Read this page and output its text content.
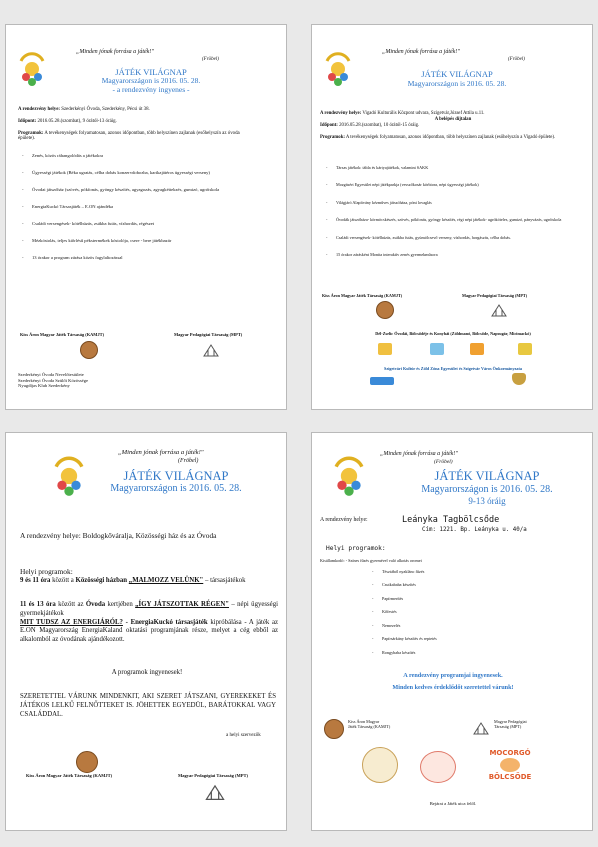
„Minden jónak forrása a játék!"
(Fröbel)
JÁTÉK VILÁGNAP
Magyarországon is 2016. 05. 28.
- a rendezvény ingyenes -
A rendezvény helye: Szederkényi Óvoda, Szederkény, Pécsi út 38.
Időpont: 2016.05.28.(szombat), 9 órától-13 óráig.
Programok: A tevékenységek folyamatosan, azonos időpontban, több helyszínen zajlanak (esőhelyszín az óvoda épülete).
- Zenés, közös ráhangolódás a játékokra
- Ügyességi játékok (Béka ugratás, célba dobás konzervdobozba, karikajátéros ügyességi verseny)
- Óvodai játszóház (szövés, pókfonás, gyöngy készítés, agyagozás, agyagkéttekzés, gumizó, ugróiskola
- EnergiaKuckó Társasjáték – E.ON ajándéka
- Családi versengések- kötélhúzás, zsákba futás, vízhordás, régészet
- Mézkóstolás, teljes kiőrlésű pékstermékek kóstolója, csere - bere játékbazár
- 13 órakor a program zárása közös fagylaltozással
Kiss Áron Magyar Játék Társaság (KAMJT)	Magyar Pedagógiai Társaság (MPT)
Szederkényi Óvoda Nevelőtestülete
Szederkényi Óvoda Szülői Közössége
Nyugdíjas Klub Szederkény
„Minden jónak forrása a játék!"
(Fröbel)
JÁTÉK VILÁGNAP
Magyarországon is 2016. 05. 28.
A rendezvény helye: Vigadó Kulturális Központ udvara, Szigetvár,József Attila u.11.
A belépés díjtalan
Időpont: 2016.05.28.(szombat), 10 órától-15 óráig.
Programok: A tevékenységek folyamatosan, azonos időpontban, több helyszínen zajlanak (esőhelyszín a Vigadó épülete).
- Társas játékok: tábla és kártyajátékok, valamint SAKK
- Mozgásért Egyesület népi játékparkja (vesszőkosár körbiora, népi ügyességi játékok)
- Világjáró Alapítvány kézműves játszóháza, póni lovaglás
- Óvodák játszóháza- körmöcskészés, szövés, pókfonás, gyöngy készítés, régi népi játékok- ugróköteles, gumizó, pányvázás, ugróiskola
- Családi versengések- kötélhúzás, zsákba futás, gyümölcsevő verseny, vízhordás, horgászás, célba dobás.
- 15 órakor zárásként Monita interaktív zenés gyermekműsora
Kiss Áron Magyar Játék Társaság (KAMJT)	Magyar Pedagógiai Társaság (MPT)
Dél-Zselic Óvodái, Bölcsődéje és Konyhái (Zöldmanó, Bölcsőde, Napsugár, Micimackó)
Szigetvári Kultúr és Zöld Zóna Egyesület és Szigetvár Város Önkormányzata
„Minden jónak forrása a játék!"
(Fröbel)
JÁTÉK VILÁGNAP
Magyarországon is 2016. 05. 28.
A rendezvény helye: Boldogkőváralja, Közösségi ház és az Óvoda
Helyi programok:
9 és 11 óra között a Közösségi házban „MALMOZZ VELÜNK" – társasjátékok
11 és 13 óra között az Óvoda kertjében „ÍGY JÁTSZOTTAK RÉGEN" – népi ügyességi gyermekjátékok
MIT TUDSZ AZ ENERGIÁRÓL? - EnergiaKuckó társasjáték kipróbálása - A játék az E.ON Magyarország EnergiaKaland oktatási programjának része, melyet a cég ebből az alkalomból az óvodának ajándékozott.
A programok ingyenesek!
SZERETETTEL VÁRUNK MINDENKIT, AKI SZERET JÁTSZANI, GYEREKEKET ÉS JÁTÉKOS LELKŰ FELNŐTTEKET IS. JÖHETTEK EGYEDÜL, BARÁTOKKAL VAGY CSALÁDDAL.
a helyi szervezők
Kiss Áron Magyar Játék Társaság (KAMJT)	Magyar Pedagógiai Társaság (MPT)
„Minden jónak forrása a játék!"
(Fröbel)
JÁTÉK VILÁGNAP
Magyarországon is 2016. 05. 28.
9-13 óráig
A rendezvény helye:	Leányka Tagbölcsőde
Cím: 1221. Bp. Leányka u. 40/a
Helyi programok:
Kisállamkodó: - Színes fűzés gyermével való alkotás oromei
- Tésztából nyaklánc fűzés
- Csutkababa készítés
- Papírmerítés
- Kőfestés
- Nemezelés
- Papírsárkány készítés és reptetés
- Rongybaba készítés
A rendezvény programjai ingyenesek.
Minden kedves érdeklődőt szeretettel várunk!
Kiss Áron Magyar
Játék Társaság (KAMJT)
Magyar Pedagógiai
Társaság (MPT)
MOCORGÓ
BÖLCSŐDE
Bejárat a Játék utca felől.
